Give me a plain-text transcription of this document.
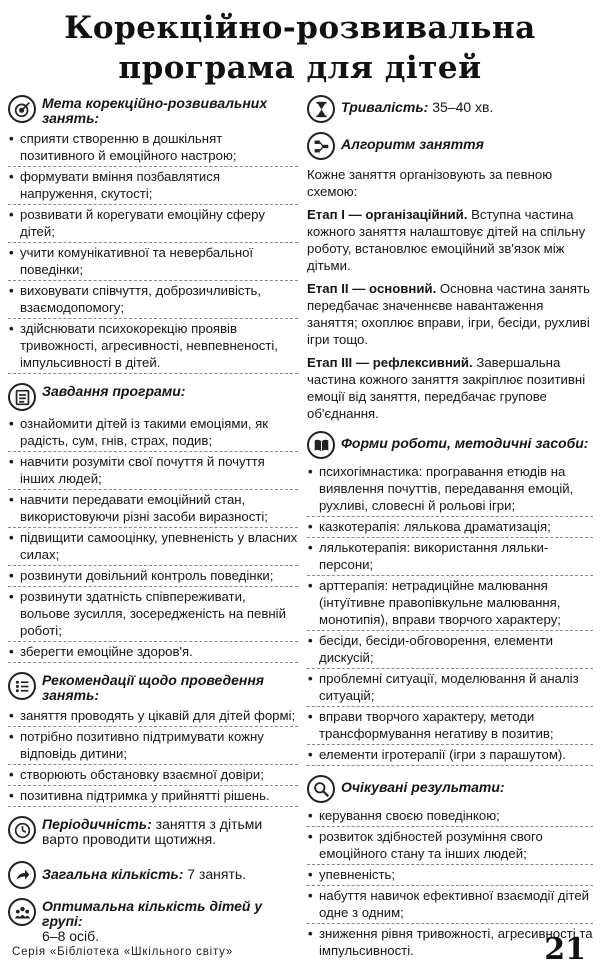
Корекційно-розвивальна
програма для дітей
Мета корекційно-розвивальних занять:
• сприяти створенню в дошкільнят позитивного й емоційного настрою;
• формувати вміння позбавлятися напруження, скутості;
• розвивати й корегувати емоційну сферу дітей;
• учити комунікативної та невербальної поведінки;
• виховувати співчуття, доброзичливість, взаємодопомогу;
• здійснювати психокорекцію проявів тривожності, агресивності, невпевненості, імпульсивності в дітей.
Завдання програми:
• ознайомити дітей із такими емоціями, як радість, сум, гнів, страх, подив;
• навчити розуміти свої почуття й почуття інших людей;
• навчити передавати емоційний стан, використовуючи різні засоби виразності;
• підвищити самооцінку, упевненість у власних силах;
• розвинути довільний контроль поведінки;
• розвинути здатність співпереживати, вольове зусилля, зосередженість на певній роботі;
• зберегти емоційне здоров'я.
Рекомендації щодо проведення занять:
• заняття проводять у цікавій для дітей формі;
• потрібно позитивно підтримувати кожну відповідь дитини;
• створюють обстановку взаємної довіри;
• позитивна підтримка у прийнятті рішень.
Періодичність: заняття з дітьми варто проводити щотижня.
Загальна кількість: 7 занять.
Оптимальна кількість дітей у групі:
6–8 осіб.
Тривалість: 35–40 хв.
Алгоритм заняття

Кожне заняття організовують за певною схемою:

Етап I — організаційний. Вступна частина кожного заняття налаштовує дітей на спільну роботу, встановлює емоційний зв'язок між дітьми.

Етап II — основний. Основна частина занять передбачає значеннєве навантаження заняття; охоплює вправи, ігри, бесіди, рухливі ігри тощо.

Етап III — рефлексивний. Завершальна частина кожного заняття закріплює позитивні емоції від заняття, передбачає групове об'єднання.

Форми роботи, методичні засоби:
• психогімнастика: програвання етюдів на виявлення почуттів, передавання емоцій, рухливі, словесні й рольові ігри;
• казкотерапія: лялькова драматизація;
• лялькотерапія: використання ляльки-персони;
• арттерапія: нетрадиційне малювання (інтуїтивне правопівкульне малювання, монотипія), вправи творчого характеру;
• бесіди, бесіди-обговорення, елементи дискусій;
• проблемні ситуації, моделювання й аналіз ситуацій;
• вправи творчого характеру, методи трансформування негативу в позитив;
• елементи ігротерапії (ігри з парашутом).
Очікувані результати:
• керування своєю поведінкою;
• розвиток здібностей розуміння свого емоційного стану та інших людей;
• упевненість;
• набуття навичок ефективної взаємодії дітей одне з одним;
• зниження рівня тривожності, агресивності та імпульсивності.
Серія «Бібліотека «Шкільного світу»	21
